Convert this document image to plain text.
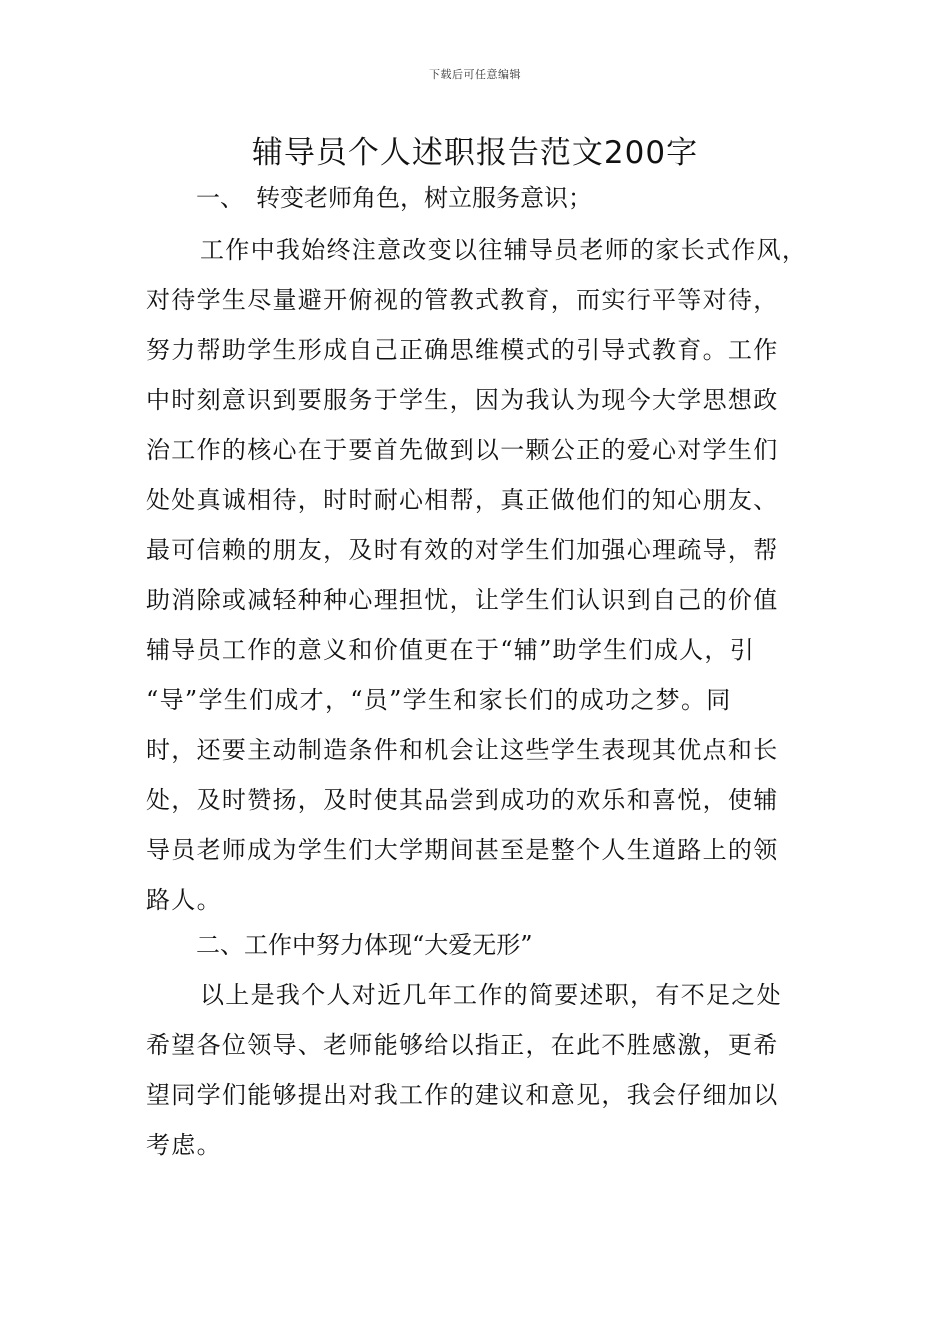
下载后可任意编辑
辅导员个人述职报告范文200字

一、 转变老师角色，树立服务意识；

工作中我始终注意改变以往辅导员老师的家长式作风，
对待学生尽量避开俯视的管教式教育，而实行平等对待，
努力帮助学生形成自己正确思维模式的引导式教育。工作
中时刻意识到要服务于学生，因为我认为现今大学思想政
治工作的核心在于要首先做到以一颗公正的爱心对学生们
处处真诚相待，时时耐心相帮，真正做他们的知心朋友、
最可信赖的朋友，及时有效的对学生们加强心理疏导，帮
助消除或减轻种种心理担忧，让学生们认识到自己的价值
辅导员工作的意义和价值更在于“辅”助学生们成人，引
“导”学生们成才，“员”学生和家长们的成功之梦。同
时，还要主动制造条件和机会让这些学生表现其优点和长
处，及时赞扬，及时使其品尝到成功的欢乐和喜悦，使辅
导员老师成为学生们大学期间甚至是整个人生道路上的领
路人。

二、工作中努力体现“大爱无形”

以上是我个人对近几年工作的简要述职，有不足之处
希望各位领导、老师能够给以指正，在此不胜感激，更希
望同学们能够提出对我工作的建议和意见，我会仔细加以
考虑。
